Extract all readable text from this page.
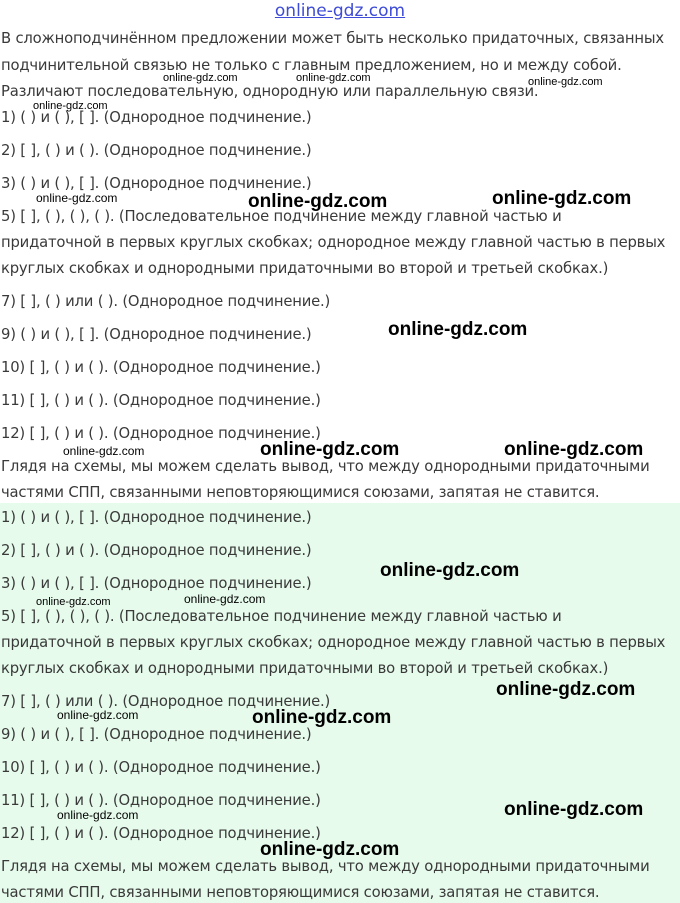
online-gdz.com
В сложноподчинённом предложении может быть несколько придаточных, связанных
подчинительной связью не только с главным предложением, но и между собой.
Различают последовательную, однородную или параллельную связи.
1) ( ) и ( ), [ ]. (Однородное подчинение.)
2) [ ], ( ) и ( ). (Однородное подчинение.)
3) ( ) и ( ), [ ]. (Однородное подчинение.)
5) [ ], ( ), ( ), ( ). (Последовательное подчинение между главной частью и
придаточной в первых круглых скобках; однородное между главной частью в первых
круглых скобках и однородными придаточными во второй и третьей скобках.)
7) [ ], ( ) или ( ). (Однородное подчинение.)
9) ( ) и ( ), [ ]. (Однородное подчинение.)
10) [ ], ( ) и ( ). (Однородное подчинение.)
11) [ ], ( ) и ( ). (Однородное подчинение.)
12) [ ], ( ) и ( ). (Однородное подчинение.)
Глядя на схемы, мы можем сделать вывод, что между однородными придаточными
частями СПП, связанными неповторяющимися союзами, запятая не ставится.
1) ( ) и ( ), [ ]. (Однородное подчинение.)
2) [ ], ( ) и ( ). (Однородное подчинение.)
3) ( ) и ( ), [ ]. (Однородное подчинение.)
5) [ ], ( ), ( ), ( ). (Последовательное подчинение между главной частью и
придаточной в первых круглых скобках; однородное между главной частью в первых
круглых скобках и однородными придаточными во второй и третьей скобках.)
7) [ ], ( ) или ( ). (Однородное подчинение.)
9) ( ) и ( ), [ ]. (Однородное подчинение.)
10) [ ], ( ) и ( ). (Однородное подчинение.)
11) [ ], ( ) и ( ). (Однородное подчинение.)
12) [ ], ( ) и ( ). (Однородное подчинение.)
Глядя на схемы, мы можем сделать вывод, что между однородными придаточными
частями СПП, связанными неповторяющимися союзами, запятая не ставится.
online-gdz.com	online-gdz.com	online-gdz.com
online-gdz.com
online-gdz.com	online-gdz.com	online-gdz.com
online-gdz.com
online-gdz.com	online-gdz.com	online-gdz.com
online-gdz.com
online-gdz.com	online-gdz.com
online-gdz.com
online-gdz.com	online-gdz.com
online-gdz.com
online-gdz.com
online-gdz.com
